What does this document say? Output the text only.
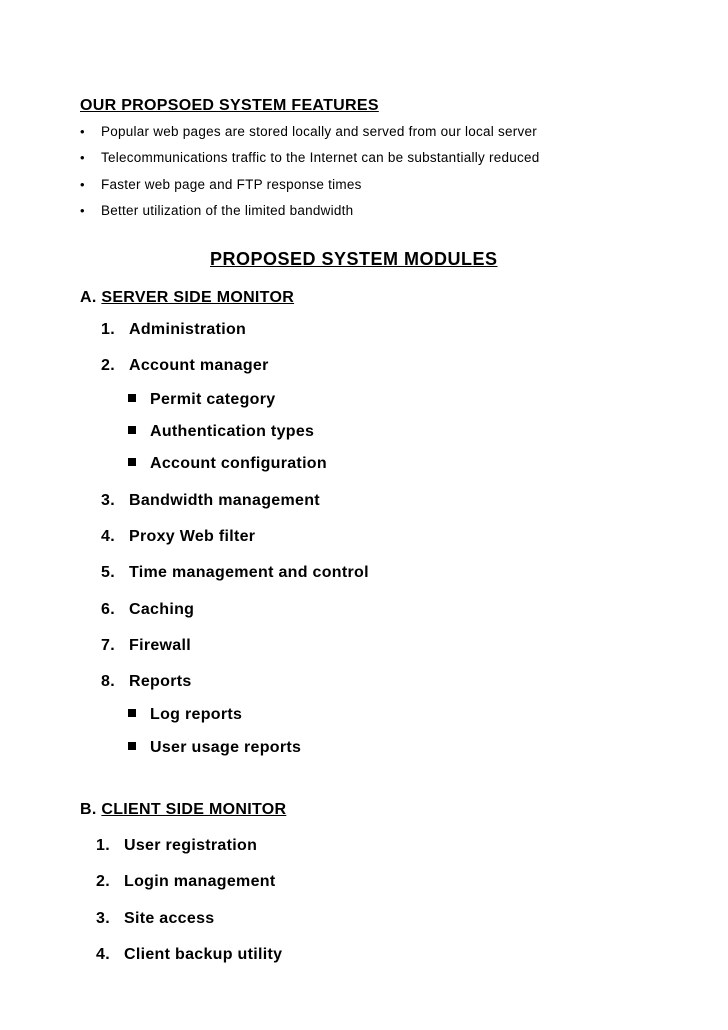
OUR PROPSOED SYSTEM FEATURES
• Popular web pages are stored locally and served from our local server
• Telecommunications traffic to the Internet can be substantially reduced
• Faster web page and FTP response times
• Better utilization of the limited bandwidth
PROPOSED SYSTEM MODULES
A. SERVER SIDE MONITOR
1. Administration
2. Account manager
Permit category
Authentication types
Account configuration
3. Bandwidth management
4. Proxy Web filter
5. Time management and control
6. Caching
7. Firewall
8. Reports
Log reports
User usage reports
B. CLIENT SIDE MONITOR
1. User registration
2. Login management
3. Site access
4. Client backup utility
